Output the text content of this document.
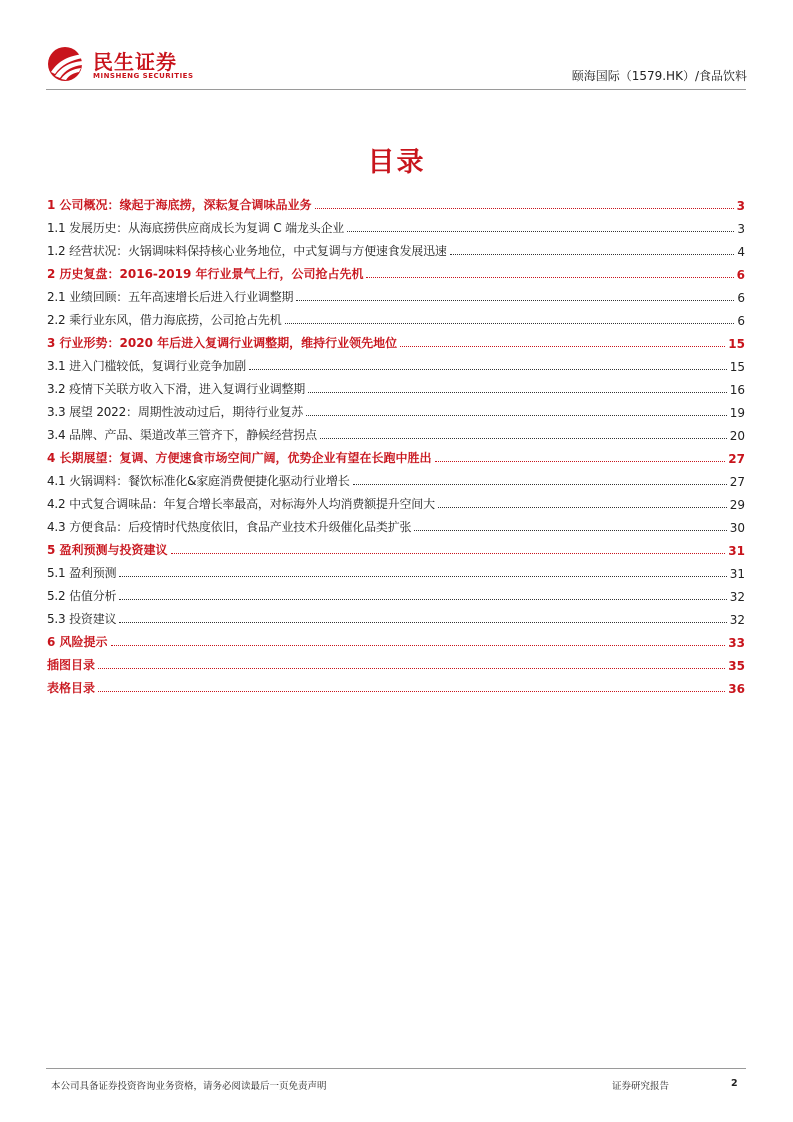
民生证券
MINSHENG SECURITIES	颐海国际（1579.HK）/食品饮料
目录
1 公司概况：缘起于海底捞，深耘复合调味品业务	3
1.1 发展历史：从海底捞供应商成长为复调 C 端龙头企业	3
1.2 经营状况：火锅调味料保持核心业务地位，中式复调与方便速食发展迅速	4
2 历史复盘：2016-2019 年行业景气上行，公司抢占先机	6
2.1 业绩回顾：五年高速增长后进入行业调整期	6
2.2 乘行业东风，借力海底捞，公司抢占先机	6
3 行业形势：2020 年后进入复调行业调整期，维持行业领先地位	15
3.1 进入门槛较低，复调行业竞争加剧	15
3.2 疫情下关联方收入下滑，进入复调行业调整期	16
3.3 展望 2022：周期性波动过后，期待行业复苏	19
3.4 品牌、产品、渠道改革三管齐下，静候经营拐点	20
4 长期展望：复调、方便速食市场空间广阔，优势企业有望在长跑中胜出	27
4.1 火锅调料：餐饮标准化&家庭消费便捷化驱动行业增长	27
4.2 中式复合调味品：年复合增长率最高，对标海外人均消费额提升空间大	29
4.3 方便食品：后疫情时代热度依旧，食品产业技术升级催化品类扩张	30
5 盈利预测与投资建议	31
5.1 盈利预测	31
5.2 估值分析	32
5.3 投资建议	32
6 风险提示	33
插图目录	35
表格目录	36
本公司具备证券投资咨询业务资格，请务必阅读最后一页免责声明	证券研究报告	2
